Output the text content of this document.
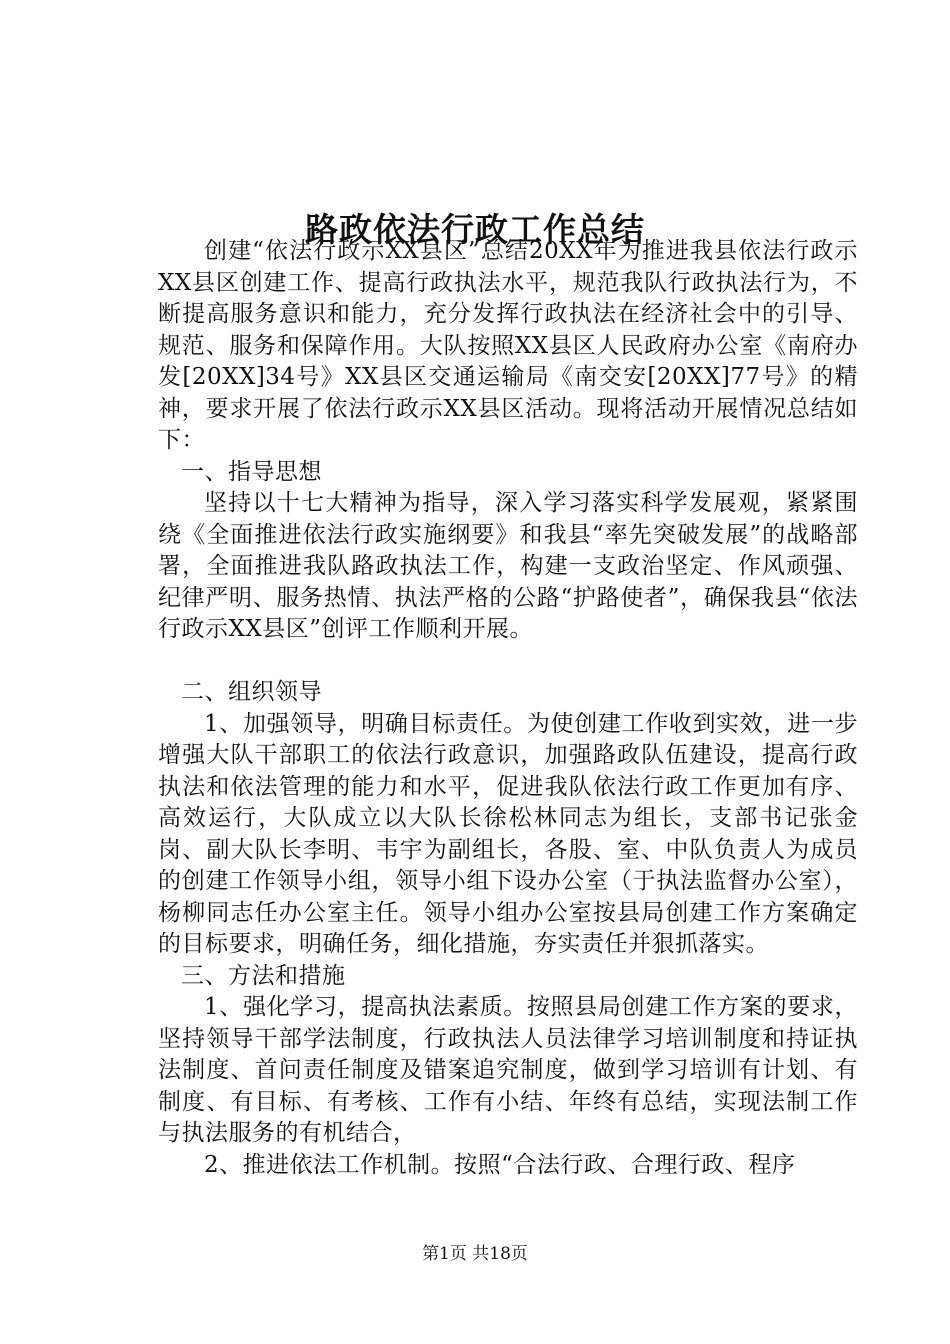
路政依法行政工作总结

创建“依法行政示XX县区”总结20XX年为推进我县依法行政示XX县区创建工作、提高行政执法水平，规范我队行政执法行为，不断提高服务意识和能力，充分发挥行政执法在经济社会中的引导、规范、服务和保障作用。大队按照XX县区人民政府办公室《南府办发[20XX]34号》XX县区交通运输局《南交安[20XX]77号》的精神，要求开展了依法行政示XX县区活动。现将活动开展情况总结如下：

一、指导思想

坚持以十七大精神为指导，深入学习落实科学发展观，紧紧围绕《全面推进依法行政实施纲要》和我县“率先突破发展”的战略部署，全面推进我队路政执法工作，构建一支政治坚定、作风顽强、纪律严明、服务热情、执法严格的公路“护路使者”，确保我县“依法行政示XX县区”创评工作顺利开展。

二、组织领导

1、加强领导，明确目标责任。为使创建工作收到实效，进一步增强大队干部职工的依法行政意识，加强路政队伍建设，提高行政执法和依法管理的能力和水平，促进我队依法行政工作更加有序、高效运行，大队成立以大队长徐松林同志为组长，支部书记张金岗、副大队长李明、韦宇为副组长，各股、室、中队负责人为成员的创建工作领导小组，领导小组下设办公室（于执法监督办公室），杨柳同志任办公室主任。领导小组办公室按县局创建工作方案确定的目标要求，明确任务，细化措施，夯实责任并狠抓落实。

三、方法和措施

1、强化学习，提高执法素质。按照县局创建工作方案的要求，坚持领导干部学法制度，行政执法人员法律学习培训制度和持证执法制度、首问责任制度及错案追究制度，做到学习培训有计划、有制度、有目标、有考核、工作有小结、年终有总结，实现法制工作与执法服务的有机结合，

2、推进依法工作机制。按照“合法行政、合理行政、程序

第1页 共18页
